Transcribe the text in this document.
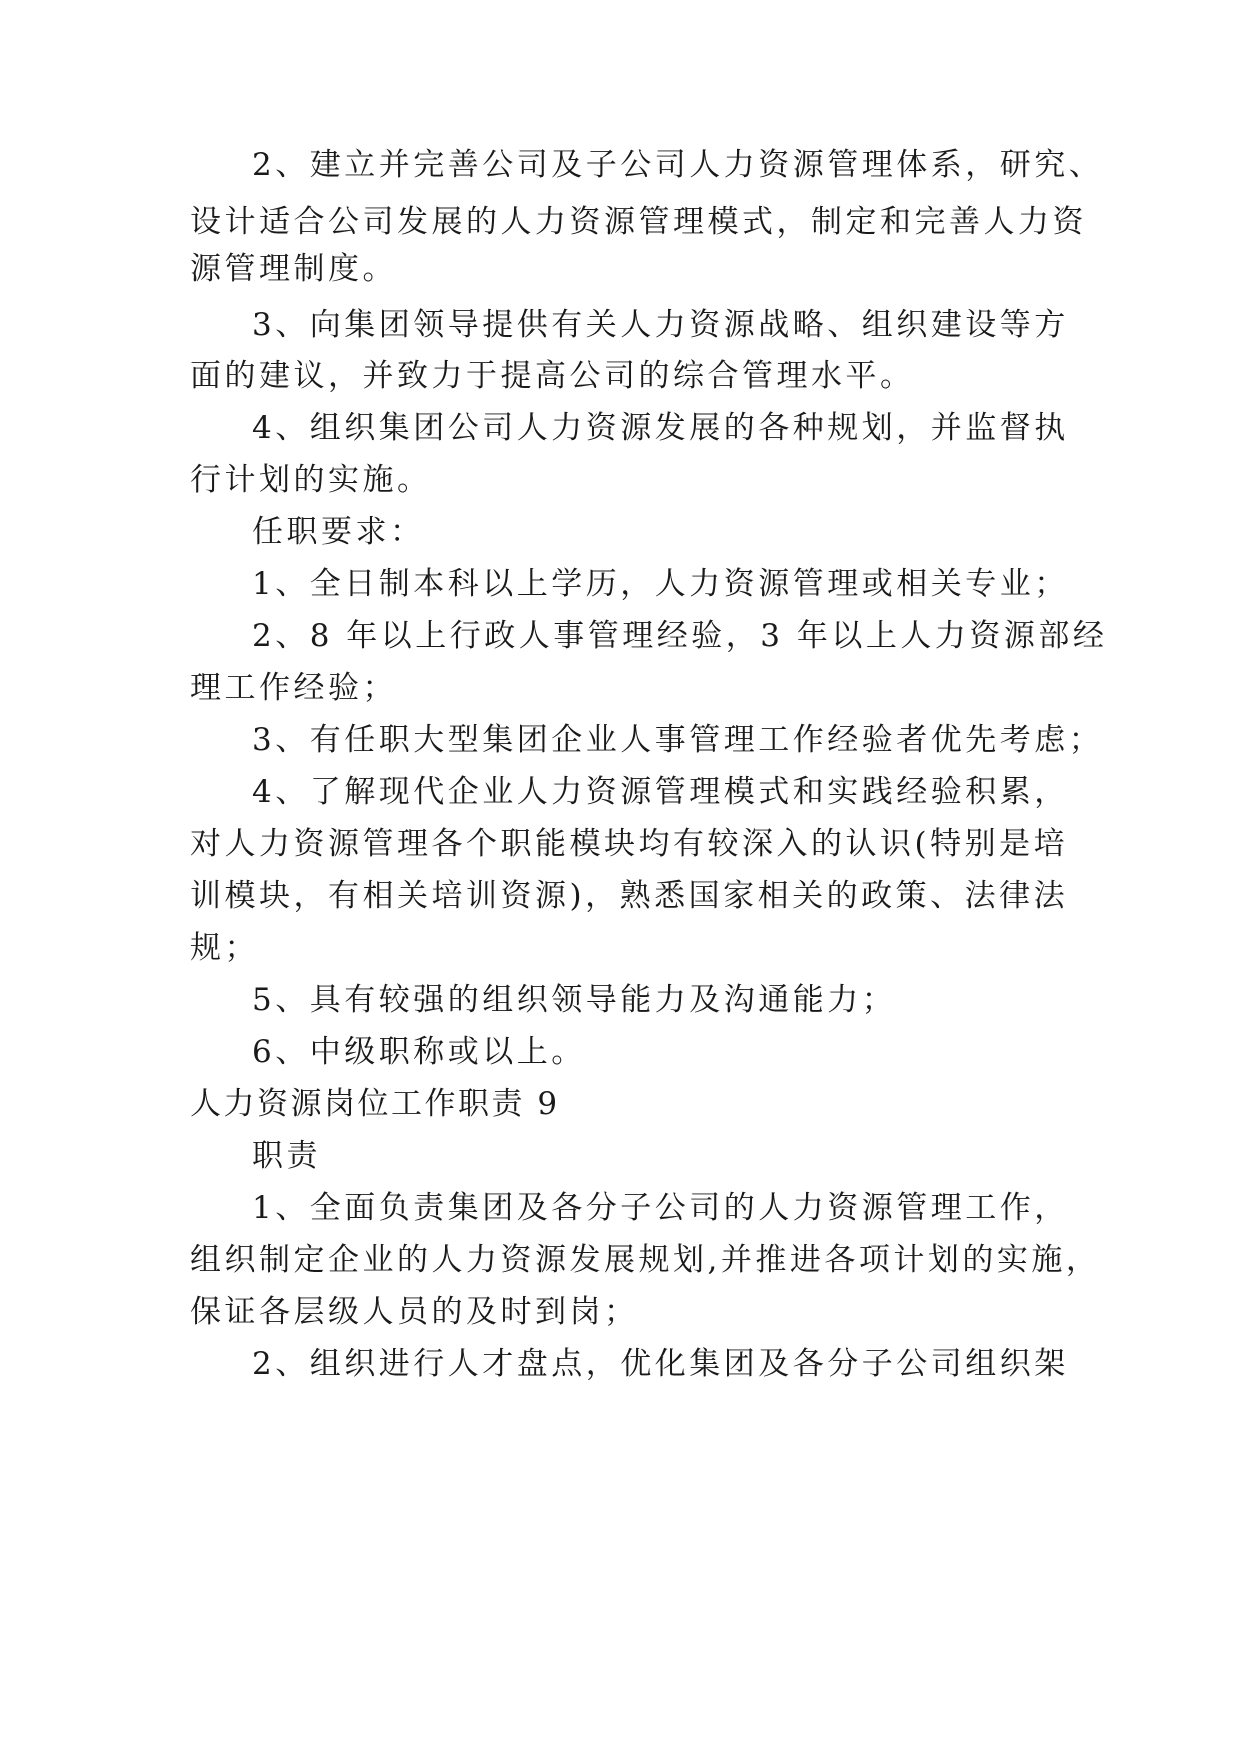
2、建立并完善公司及子公司人力资源管理体系，研究、
设计适合公司发展的人力资源管理模式，制定和完善人力资
源管理制度。
3、向集团领导提供有关人力资源战略、组织建设等方
面的建议，并致力于提高公司的综合管理水平。
4、组织集团公司人力资源发展的各种规划，并监督执
行计划的实施。
任职要求：
1、全日制本科以上学历，人力资源管理或相关专业；
2、8 年以上行政人事管理经验，3 年以上人力资源部经
理工作经验；
3、有任职大型集团企业人事管理工作经验者优先考虑；
4、了解现代企业人力资源管理模式和实践经验积累，
对人力资源管理各个职能模块均有较深入的认识(特别是培
训模块，有相关培训资源)，熟悉国家相关的政策、法律法
规；
5、具有较强的组织领导能力及沟通能力；
6、中级职称或以上。
人力资源岗位工作职责 9
职责
1、全面负责集团及各分子公司的人力资源管理工作，
组织制定企业的人力资源发展规划,并推进各项计划的实施，
保证各层级人员的及时到岗；
2、组织进行人才盘点，优化集团及各分子公司组织架
